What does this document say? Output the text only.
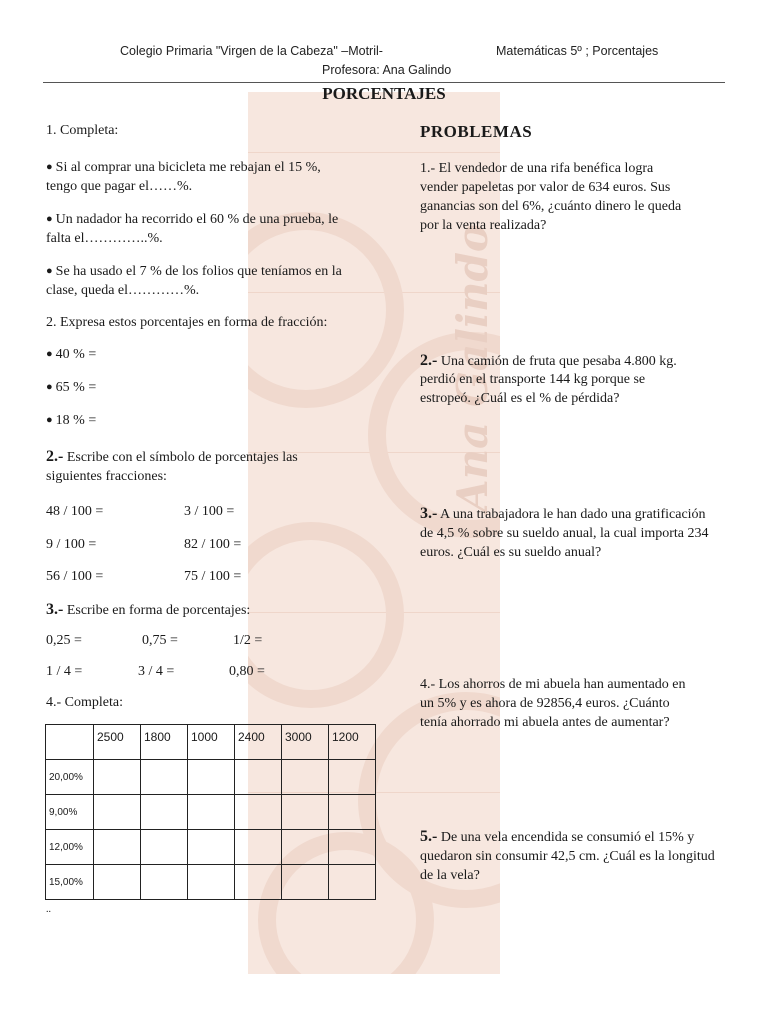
Ana Galindo
Colegio Primaria "Virgen de la Cabeza" –Motril-	Matemáticas 5º ; Porcentajes
Profesora: Ana Galindo
PORCENTAJES
1. Completa:
● Si al comprar una bicicleta me rebajan el 15 %,
tengo que pagar el……%.
● Un nadador ha recorrido el 60 % de una prueba, le
falta el…………..%.
● Se ha usado el 7 % de los folios que teníamos en la
clase, queda el…………%.
2. Expresa estos porcentajes en forma de fracción:
● 40 % =
● 65 % =
● 18 % =
2.- Escribe con el símbolo de porcentajes las
siguientes fracciones:
48 / 100 =	3 / 100 =
9 / 100 =	82 / 100 =
56 / 100 =	75 / 100 =
3.- Escribe en forma de porcentajes:
0,25 =	0,75 =	1/2 =
1 / 4 =	3 / 4 =	0,80 =
4.- Completa:
	2500	1800	1000	2400	3000	1200
20,00%						
9,00%						
12,00%						
15,00%						
..
PROBLEMAS
1.- El vendedor de una rifa benéfica logra
vender papeletas por valor de 634 euros. Sus
ganancias son del 6%, ¿cuánto dinero le queda
por la venta realizada?
2.- Una camión de fruta que pesaba 4.800 kg.
perdió en el transporte 144 kg porque se
estropeó. ¿Cuál es el % de pérdida?
3.- A una trabajadora le han dado una gratificación de 4,5 % sobre su sueldo anual, la cual importa 234 euros. ¿Cuál es su sueldo anual?
4.- Los ahorros de mi abuela han aumentado en
un 5% y es ahora de 92856,4 euros. ¿Cuánto
tenía ahorrado mi abuela antes de aumentar?
5.- De una vela encendida se consumió el 15% y quedaron sin consumir 42,5 cm. ¿Cuál es la longitud de la vela?
